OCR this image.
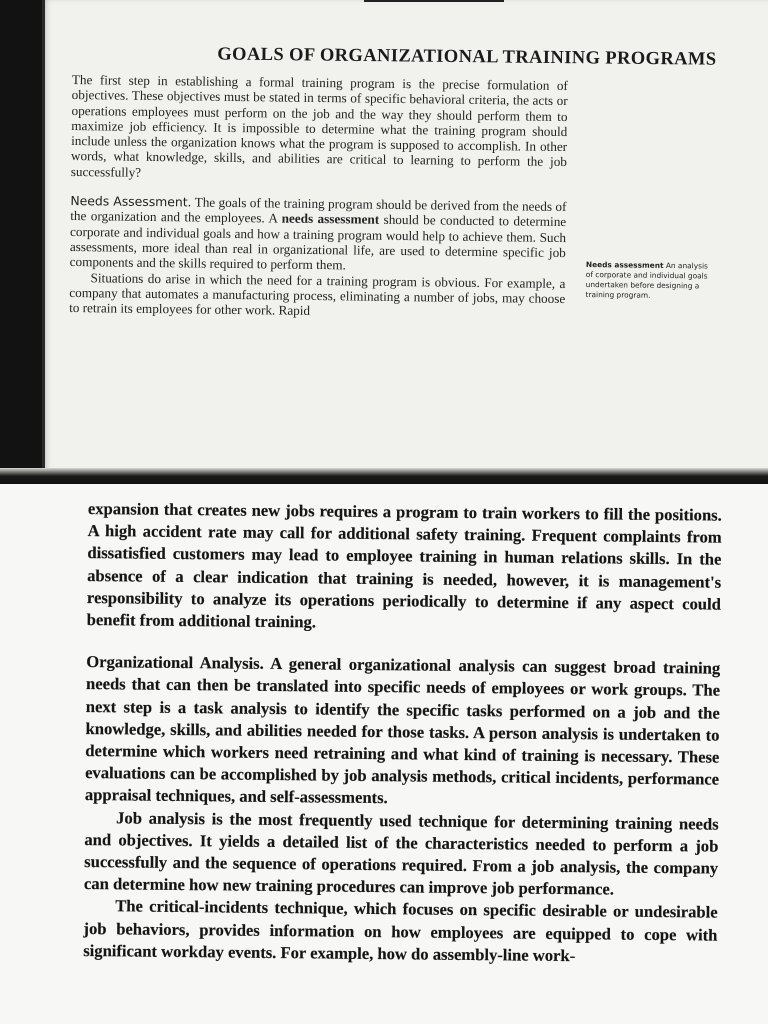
GOALS OF ORGANIZATIONAL TRAINING PROGRAMS

The first step in establishing a formal training program is the precise formulation of objectives. These objectives must be stated in terms of specific behavioral criteria, the acts or operations employees must perform on the job and the way they should perform them to maximize job efficiency. It is impossible to determine what the training program should include unless the organization knows what the program is supposed to accomplish. In other words, what knowledge, skills, and abilities are critical to learning to perform the job successfully?

Needs Assessment. The goals of the training program should be derived from the needs of the organization and the employees. A needs assessment should be conducted to determine corporate and individual goals and how a training program would help to achieve them. Such assessments, more ideal than real in organizational life, are used to determine specific job components and the skills required to perform them.

Situations do arise in which the need for a training program is obvious. For example, a company that automates a manufacturing process, eliminating a number of jobs, may choose to retrain its employees for other work. Rapid

Needs assessment An analysis of corporate and individual goals undertaken before designing a training program.

expansion that creates new jobs requires a program to train workers to fill the positions. A high accident rate may call for additional safety training. Frequent complaints from dissatisfied customers may lead to employee training in human relations skills. In the absence of a clear indication that training is needed, however, it is management's responsibility to analyze its operations periodically to determine if any aspect could benefit from additional training.

Organizational Analysis. A general organizational analysis can suggest broad training needs that can then be translated into specific needs of employees or work groups. The next step is a task analysis to identify the specific tasks performed on a job and the knowledge, skills, and abilities needed for those tasks. A person analysis is undertaken to determine which workers need retraining and what kind of training is necessary. These evaluations can be accomplished by job analysis methods, critical incidents, performance appraisal techniques, and self-assessments.

Job analysis is the most frequently used technique for determining training needs and objectives. It yields a detailed list of the characteristics needed to perform a job successfully and the sequence of operations required. From a job analysis, the company can determine how new training procedures can improve job performance.

The critical-incidents technique, which focuses on specific desirable or undesirable job behaviors, provides information on how employees are equipped to cope with significant workday events. For example, how do assembly-line work-
